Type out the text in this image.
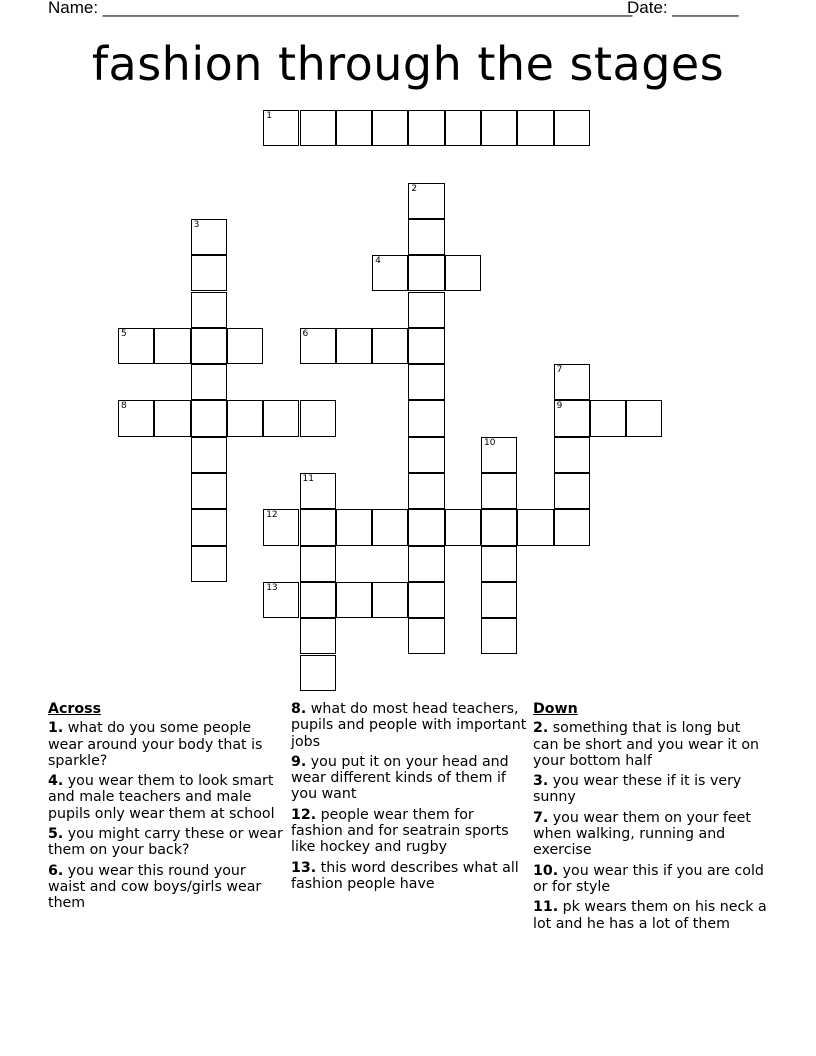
Name: ________________________________________________________
Date: _______
fashion through the stages
1
2
3
4
5	6
7
8	9
10
11
12
13
Across
1. what do you some people wear around your body that is sparkle?
4. you wear them to look smart and male teachers and male pupils only wear them at school
5. you might carry these or wear them on your back?
6. you wear this round your waist and cow boys/girls wear them
8. what do most head teachers, pupils and people with important jobs
9. you put it on your head and wear different kinds of them if you want
12. people wear them for fashion and for seatrain sports like hockey and rugby
13. this word describes what all fashion people have
Down
2. something that is long but can be short and you wear it on your bottom half
3. you wear these if it is very sunny
7. you wear them on your feet when walking, running and exercise
10. you wear this if you are cold or for style
11. pk wears them on his neck a lot and he has a lot of them
